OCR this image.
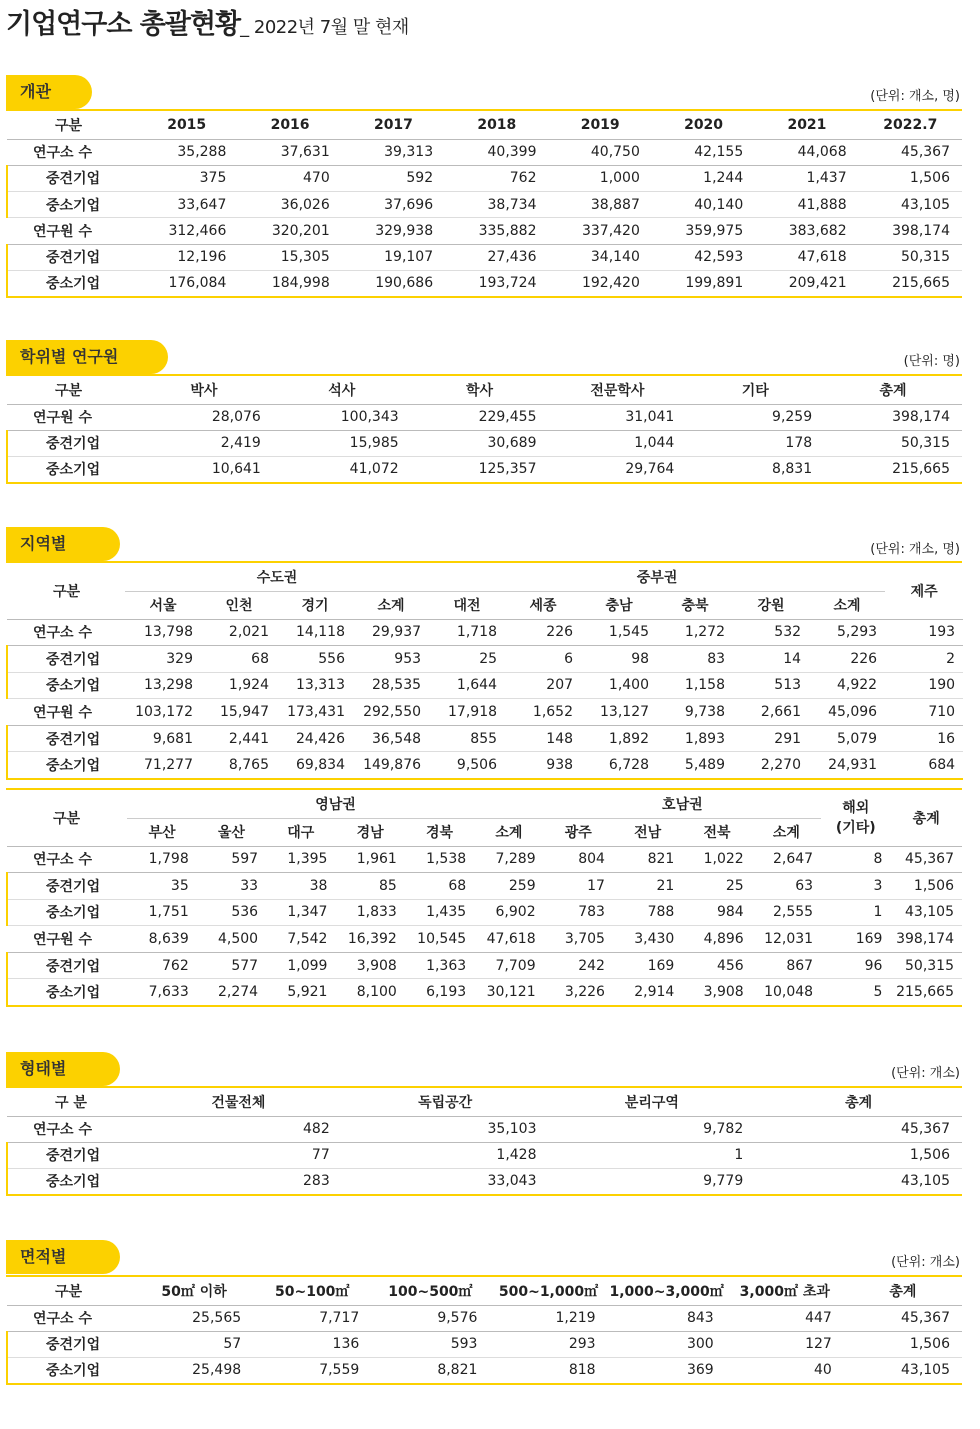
기업연구소 총괄현황_ 2022년 7월 말 현재
개관	(단위: 개소, 명)
구분	2015	2016	2017	2018	2019	2020	2021	2022.7
연구소 수	35,288	37,631	39,313	40,399	40,750	42,155	44,068	45,367
중견기업	375	470	592	762	1,000	1,244	1,437	1,506
중소기업	33,647	36,026	37,696	38,734	38,887	40,140	41,888	43,105
연구원 수	312,466	320,201	329,938	335,882	337,420	359,975	383,682	398,174
중견기업	12,196	15,305	19,107	27,436	34,140	42,593	47,618	50,315
중소기업	176,084	184,998	190,686	193,724	192,420	199,891	209,421	215,665
학위별 연구원	(단위: 명)
구분	박사	석사	학사	전문학사	기타	총계
연구원 수	28,076	100,343	229,455	31,041	9,259	398,174
중견기업	2,419	15,985	30,689	1,044	178	50,315
중소기업	10,641	41,072	125,357	29,764	8,831	215,665
지역별	(단위: 개소, 명)
구분	수도권				중부권						제주
	서울	인천	경기	소계	대전	세종	충남	충북	강원	소계	
연구소 수	13,798	2,021	14,118	29,937	1,718	226	1,545	1,272	532	5,293	193
중견기업	329	68	556	953	25	6	98	83	14	226	2
중소기업	13,298	1,924	13,313	28,535	1,644	207	1,400	1,158	513	4,922	190
연구원 수	103,172	15,947	173,431	292,550	17,918	1,652	13,127	9,738	2,661	45,096	710
중견기업	9,681	2,441	24,426	36,548	855	148	1,892	1,893	291	5,079	16
중소기업	71,277	8,765	69,834	149,876	9,506	938	6,728	5,489	2,270	24,931	684
구분	영남권						호남권				해외 (기타)	총계
	부산	울산	대구	경남	경북	소계	광주	전남	전북	소계		
연구소 수	1,798	597	1,395	1,961	1,538	7,289	804	821	1,022	2,647	8	45,367
중견기업	35	33	38	85	68	259	17	21	25	63	3	1,506
중소기업	1,751	536	1,347	1,833	1,435	6,902	783	788	984	2,555	1	43,105
연구원 수	8,639	4,500	7,542	16,392	10,545	47,618	3,705	3,430	4,896	12,031	169	398,174
중견기업	762	577	1,099	3,908	1,363	7,709	242	169	456	867	96	50,315
중소기업	7,633	2,274	5,921	8,100	6,193	30,121	3,226	2,914	3,908	10,048	5	215,665
형태별	(단위: 개소)
구 분	건물전체	독립공간	분리구역	총계
연구소 수	482	35,103	9,782	45,367
중견기업	77	1,428	1	1,506
중소기업	283	33,043	9,779	43,105
면적별	(단위: 개소)
구분	50㎡ 이하	50~100㎡	100~500㎡	500~1,000㎡	1,000~3,000㎡	3,000㎡ 초과	총계
연구소 수	25,565	7,717	9,576	1,219	843	447	45,367
중견기업	57	136	593	293	300	127	1,506
중소기업	25,498	7,559	8,821	818	369	40	43,105
